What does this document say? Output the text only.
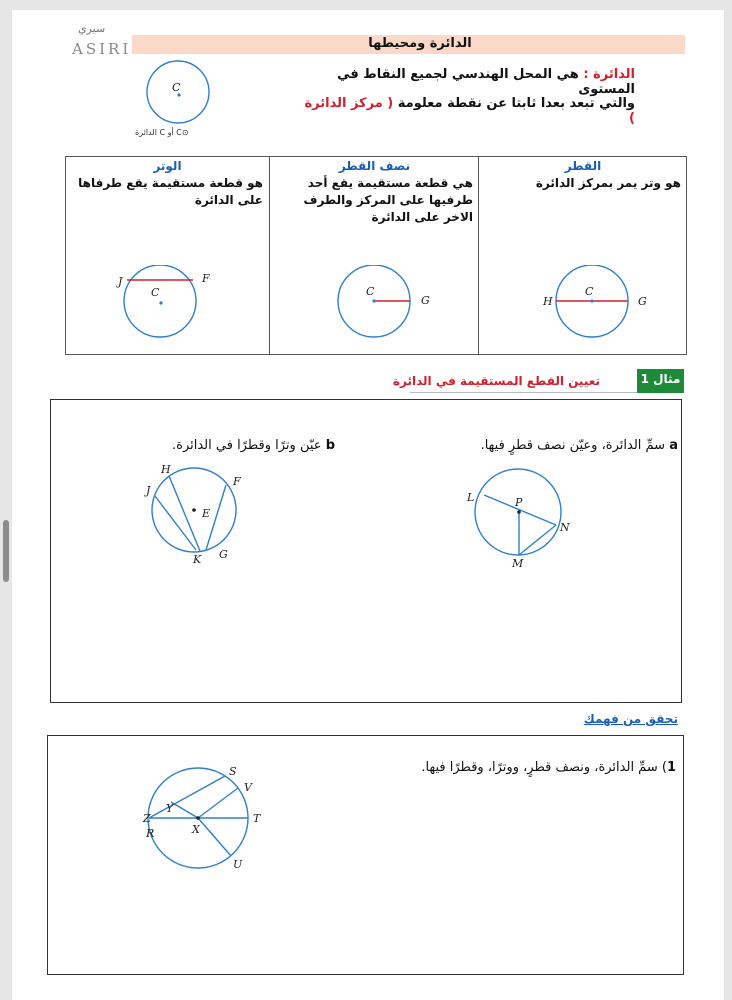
سيري
ASIRI	الدائرة ومحيطها
الدائرة : هي المحل الهندسي لجميع النقاط في المستوى
والتي تبعد بعدا ثابتا عن نقطة معلومة ( مركز الدائرة )
C
الدائرة C أو C⊙
الوتر
هو قطعة مستقيمة يقع طرفاها على الدائرة
J	F
C
نصف القطر
هي قطعة مستقيمة يقع أحد طرفيها على المركز والطرف الاخر على الدائرة
C
G
القطر
هو وتر يمر بمركز الدائرة
H
C
G
مثال 1
تعيين القطع المستقيمة في الدائرة
a سمِّ الدائرة، وعيّن نصف قطرٍ فيها.
b عيّن وترًا وقطرًا في الدائرة.
L	P
N
M
H
J
F
E
K G
تحقق من فهمك
1) سمِّ الدائرة، ونصف قطرٍ، ووترًا، وقطرًا فيها.
S
V
Z
Y
T
R	X
U
